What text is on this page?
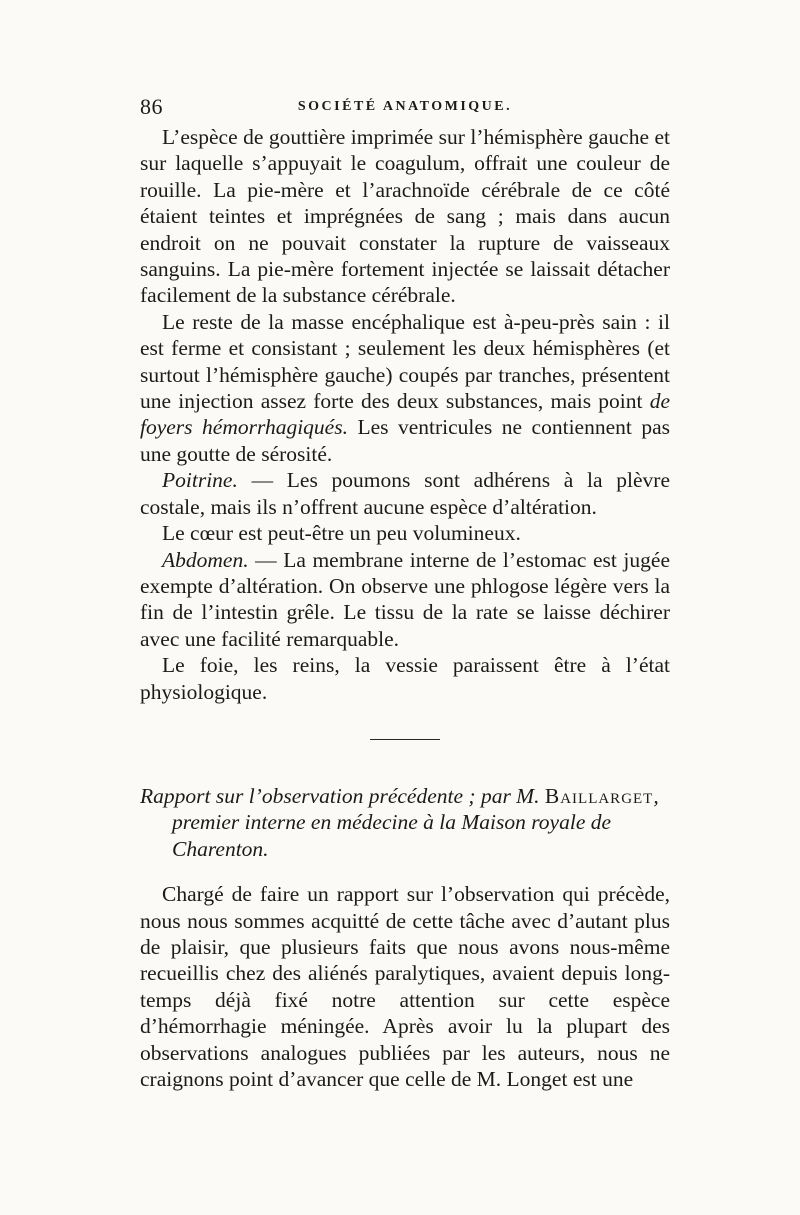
86	SOCIÉTÉ ANATOMIQUE.

L’espèce de gouttière imprimée sur l’hémisphère gauche et sur laquelle s’appuyait le coagulum, offrait une couleur de rouille. La pie-mère et l’arachnoïde cérébrale de ce côté étaient teintes et imprégnées de sang ; mais dans aucun endroit on ne pouvait constater la rupture de vaisseaux sanguins. La pie-mère fortement injectée se laissait détacher facilement de la substance cérébrale.

Le reste de la masse encéphalique est à-peu-près sain : il est ferme et consistant ; seulement les deux hémisphères (et surtout l’hémisphère gauche) coupés par tranches, présentent une injection assez forte des deux substances, mais point de foyers hémorrhagiqués. Les ventricules ne contiennent pas une goutte de sérosité.

Poitrine. — Les poumons sont adhérens à la plèvre costale, mais ils n’offrent aucune espèce d’altération.

Le cœur est peut-être un peu volumineux.

Abdomen. — La membrane interne de l’estomac est jugée exempte d’altération. On observe une phlogose légère vers la fin de l’intestin grêle. Le tissu de la rate se laisse déchirer avec une facilité remarquable.

Le foie, les reins, la vessie paraissent être à l’état physiologique.

Rapport sur l’observation précédente ; par M. Baillarget, premier interne en médecine à la Maison royale de Charenton.

Chargé de faire un rapport sur l’observation qui précède, nous nous sommes acquitté de cette tâche avec d’autant plus de plaisir, que plusieurs faits que nous avons nous-même recueillis chez des aliénés paralytiques, avaient depuis long-temps déjà fixé notre attention sur cette espèce d’hémorrhagie méningée. Après avoir lu la plupart des observations analogues publiées par les auteurs, nous ne craignons point d’avancer que celle de M. Longet est une
